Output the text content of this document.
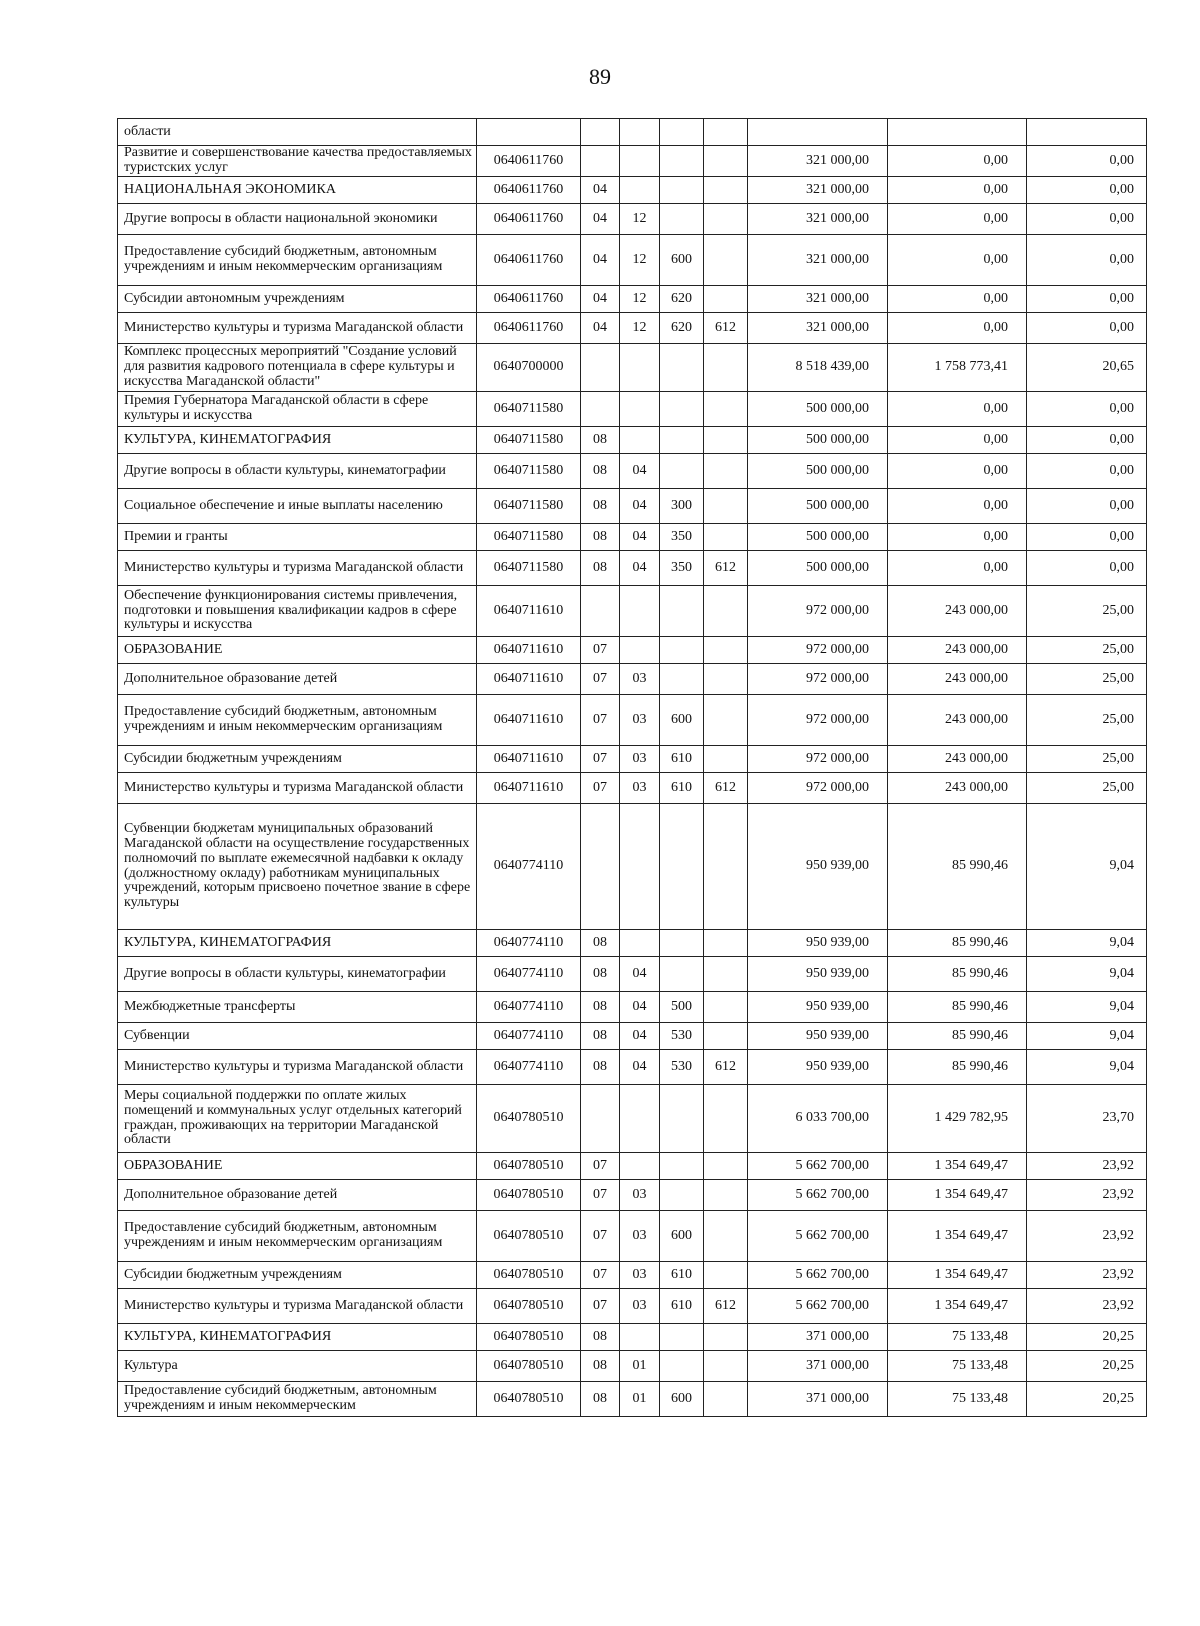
89
области								
Развитие и совершенствование качества предоставляемых туристских услуг	0640611760					321 000,00	0,00	0,00
НАЦИОНАЛЬНАЯ ЭКОНОМИКА	0640611760	04				321 000,00	0,00	0,00
Другие вопросы в области национальной экономики	0640611760	04	12			321 000,00	0,00	0,00
Предоставление субсидий бюджетным, автономным учреждениям и иным некоммерческим организациям	0640611760	04	12	600		321 000,00	0,00	0,00
Субсидии автономным учреждениям	0640611760	04	12	620		321 000,00	0,00	0,00
Министерство культуры и туризма Магаданской области	0640611760	04	12	620	612	321 000,00	0,00	0,00
Комплекс процессных мероприятий "Создание условий для развития кадрового потенциала в сфере культуры и искусства Магаданской области"	0640700000					8 518 439,00	1 758 773,41	20,65
Премия Губернатора Магаданской области в сфере культуры и искусства	0640711580					500 000,00	0,00	0,00
КУЛЬТУРА, КИНЕМАТОГРАФИЯ	0640711580	08				500 000,00	0,00	0,00
Другие вопросы в области культуры, кинематографии	0640711580	08	04			500 000,00	0,00	0,00
Социальное обеспечение и иные выплаты населению	0640711580	08	04	300		500 000,00	0,00	0,00
Премии и гранты	0640711580	08	04	350		500 000,00	0,00	0,00
Министерство культуры и туризма Магаданской области	0640711580	08	04	350	612	500 000,00	0,00	0,00
Обеспечение функционирования системы привлечения, подготовки и повышения квалификации кадров в сфере культуры и искусства	0640711610					972 000,00	243 000,00	25,00
ОБРАЗОВАНИЕ	0640711610	07				972 000,00	243 000,00	25,00
Дополнительное образование детей	0640711610	07	03			972 000,00	243 000,00	25,00
Предоставление субсидий бюджетным, автономным учреждениям и иным некоммерческим организациям	0640711610	07	03	600		972 000,00	243 000,00	25,00
Субсидии бюджетным учреждениям	0640711610	07	03	610		972 000,00	243 000,00	25,00
Министерство культуры и туризма Магаданской области	0640711610	07	03	610	612	972 000,00	243 000,00	25,00
Субвенции бюджетам муниципальных образований Магаданской области на осуществление государственных полномочий по выплате ежемесячной надбавки к окладу (должностному окладу) работникам муниципальных учреждений, которым присвоено почетное звание в сфере культуры	0640774110					950 939,00	85 990,46	9,04
КУЛЬТУРА, КИНЕМАТОГРАФИЯ	0640774110	08				950 939,00	85 990,46	9,04
Другие вопросы в области культуры, кинематографии	0640774110	08	04			950 939,00	85 990,46	9,04
Межбюджетные трансферты	0640774110	08	04	500		950 939,00	85 990,46	9,04
Субвенции	0640774110	08	04	530		950 939,00	85 990,46	9,04
Министерство культуры и туризма Магаданской области	0640774110	08	04	530	612	950 939,00	85 990,46	9,04
Меры социальной поддержки по оплате жилых помещений и коммунальных услуг отдельных категорий граждан, проживающих на территории Магаданской области	0640780510					6 033 700,00	1 429 782,95	23,70
ОБРАЗОВАНИЕ	0640780510	07				5 662 700,00	1 354 649,47	23,92
Дополнительное образование детей	0640780510	07	03			5 662 700,00	1 354 649,47	23,92
Предоставление субсидий бюджетным, автономным учреждениям и иным некоммерческим организациям	0640780510	07	03	600		5 662 700,00	1 354 649,47	23,92
Субсидии бюджетным учреждениям	0640780510	07	03	610		5 662 700,00	1 354 649,47	23,92
Министерство культуры и туризма Магаданской области	0640780510	07	03	610	612	5 662 700,00	1 354 649,47	23,92
КУЛЬТУРА, КИНЕМАТОГРАФИЯ	0640780510	08				371 000,00	75 133,48	20,25
Культура	0640780510	08	01			371 000,00	75 133,48	20,25
Предоставление субсидий бюджетным, автономным учреждениям и иным некоммерческим	0640780510	08	01	600		371 000,00	75 133,48	20,25
